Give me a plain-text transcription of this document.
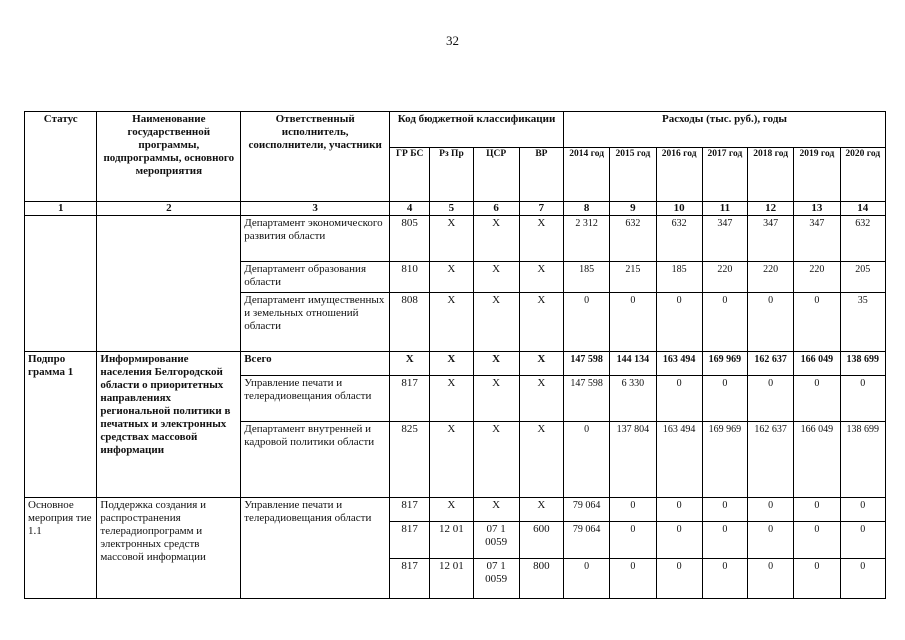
32
Статус	Наименование государственной программы, подпрограммы, основного мероприятия	Ответственный исполнитель, соисполнители, участники	Код бюджетной классификации				Расходы (тыс. руб.), годы						
			ГР БС	Рз Пр	ЦСР	ВР	2014 год	2015 год	2016 год	2017 год	2018 год	2019 год	2020 год
1	2	3	4	5	6	7	8	9	10	11	12	13	14
		Департамент экономического развития области	805	X	X	X	2 312	632	632	347	347	347	632
		Департамент образования области	810	X	X	X	185	215	185	220	220	220	205
		Департамент имущественных и земельных отношений области	808	X	X	X	0	0	0	0	0	0	35
Подпро грамма 1	Информирование населения Белгородской области о приоритетных направлениях региональной политики в печатных и электронных средствах массовой информации	Всего	X	X	X	X	147 598	144 134	163 494	169 969	162 637	166 049	138 699
		Управление печати и телерадиовещания области	817	X	X	X	147 598	6 330	0	0	0	0	0
		Департамент внутренней и кадровой политики области	825	X	X	X	0	137 804	163 494	169 969	162 637	166 049	138 699
Основное мероприя тие 1.1	Поддержка создания и распространения телерадиопрограмм и электронных средств массовой информации	Управление печати и телерадиовещания области	817	X	X	X	79 064	0	0	0	0	0	0
			817	12 01	07 1 0059	600	79 064	0	0	0	0	0	0
			817	12 01	07 1 0059	800	0	0	0	0	0	0	0
